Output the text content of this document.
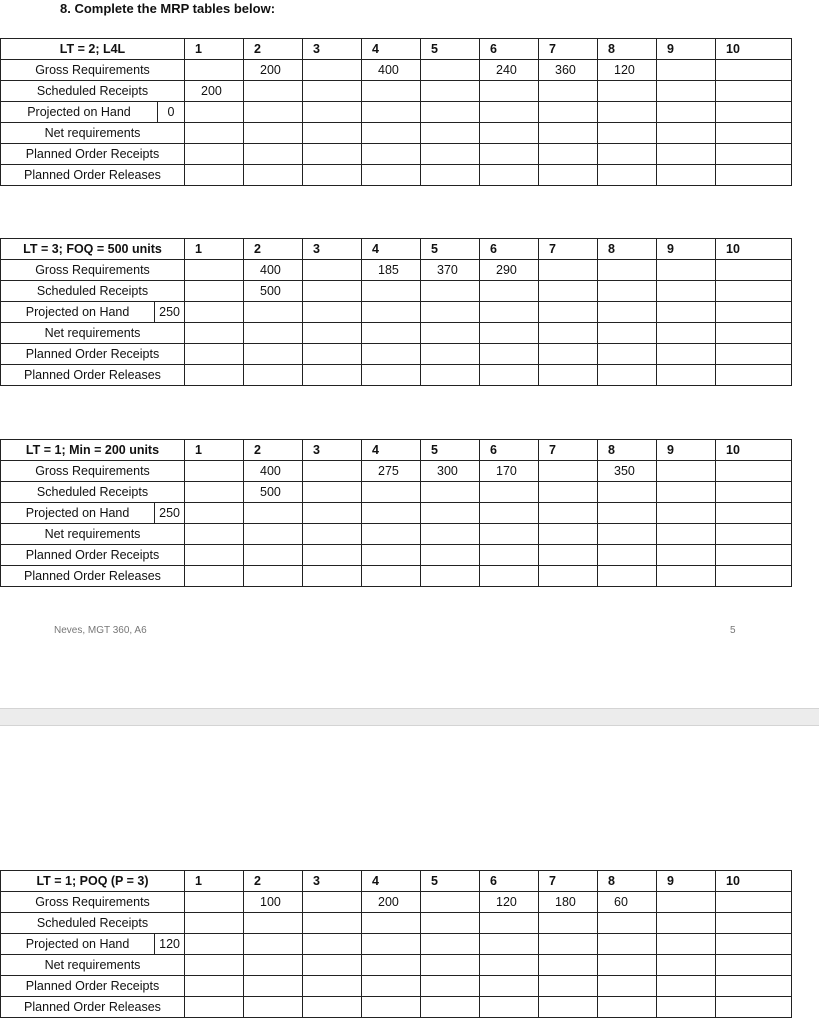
8. Complete the MRP tables below:
LT = 2; L4L	1	2	3	4	5	6	7	8	9	10
Gross Requirements		200		400		240	360	120		
Scheduled Receipts	200									

Projected on Hand 0										

Net requirements										
Planned Order Receipts										
Planned Order Releases										
LT = 3; FOQ = 500 units	1	2	3	4	5	6	7	8	9	10
Gross Requirements		400		185	370	290				
Scheduled Receipts		500								

Projected on Hand 250										

Net requirements										
Planned Order Receipts										
Planned Order Releases										
LT = 1; Min = 200 units	1	2	3	4	5	6	7	8	9	10
Gross Requirements		400		275	300	170		350		
Scheduled Receipts		500								

Projected on Hand 250										

Net requirements										
Planned Order Receipts										
Planned Order Releases										
Neves, MGT 360, A6	5
LT = 1; POQ (P = 3)	1	2	3	4	5	6	7	8	9	10
Gross Requirements		100		200		120	180	60		
Scheduled Receipts										

Projected on Hand 120										

Net requirements										
Planned Order Receipts										
Planned Order Releases										
